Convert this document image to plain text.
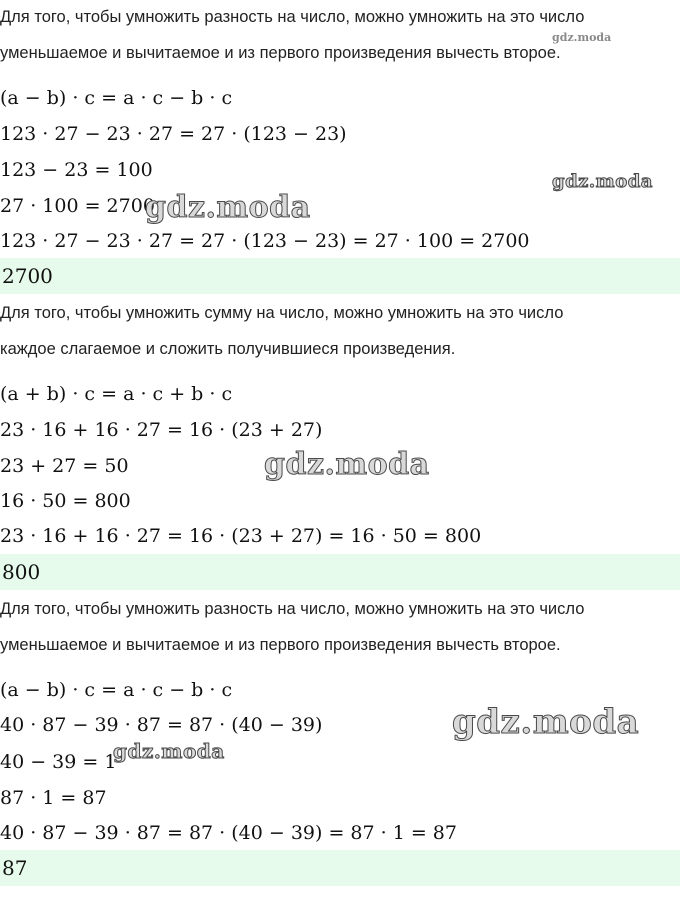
Для того, чтобы умножить разность на число, можно умножить на это число
уменьшаемое и вычитаемое и из первого произведения вычесть второе.
(a − b) · c = a · c − b · c
123 · 27 − 23 · 27 = 27 · (123 − 23)
123 − 23 = 100
27 · 100 = 2700
123 · 27 − 23 · 27 = 27 · (123 − 23) = 27 · 100 = 2700
2700
Для того, чтобы умножить сумму на число, можно умножить на это число
каждое слагаемое и сложить получившиеся произведения.
(a + b) · c = a · c + b · c
23 · 16 + 16 · 27 = 16 · (23 + 27)
23 + 27 = 50
16 · 50 = 800
23 · 16 + 16 · 27 = 16 · (23 + 27) = 16 · 50 = 800
800
Для того, чтобы умножить разность на число, можно умножить на это число
уменьшаемое и вычитаемое и из первого произведения вычесть второе.
(a − b) · c = a · c − b · c
40 · 87 − 39 · 87 = 87 · (40 − 39)
40 − 39 = 1
87 · 1 = 87
40 · 87 − 39 · 87 = 87 · (40 − 39) = 87 · 1 = 87
87
gdz.moda
gdz.moda
gdz.moda
gdz.moda
gdz.moda
gdz.moda
